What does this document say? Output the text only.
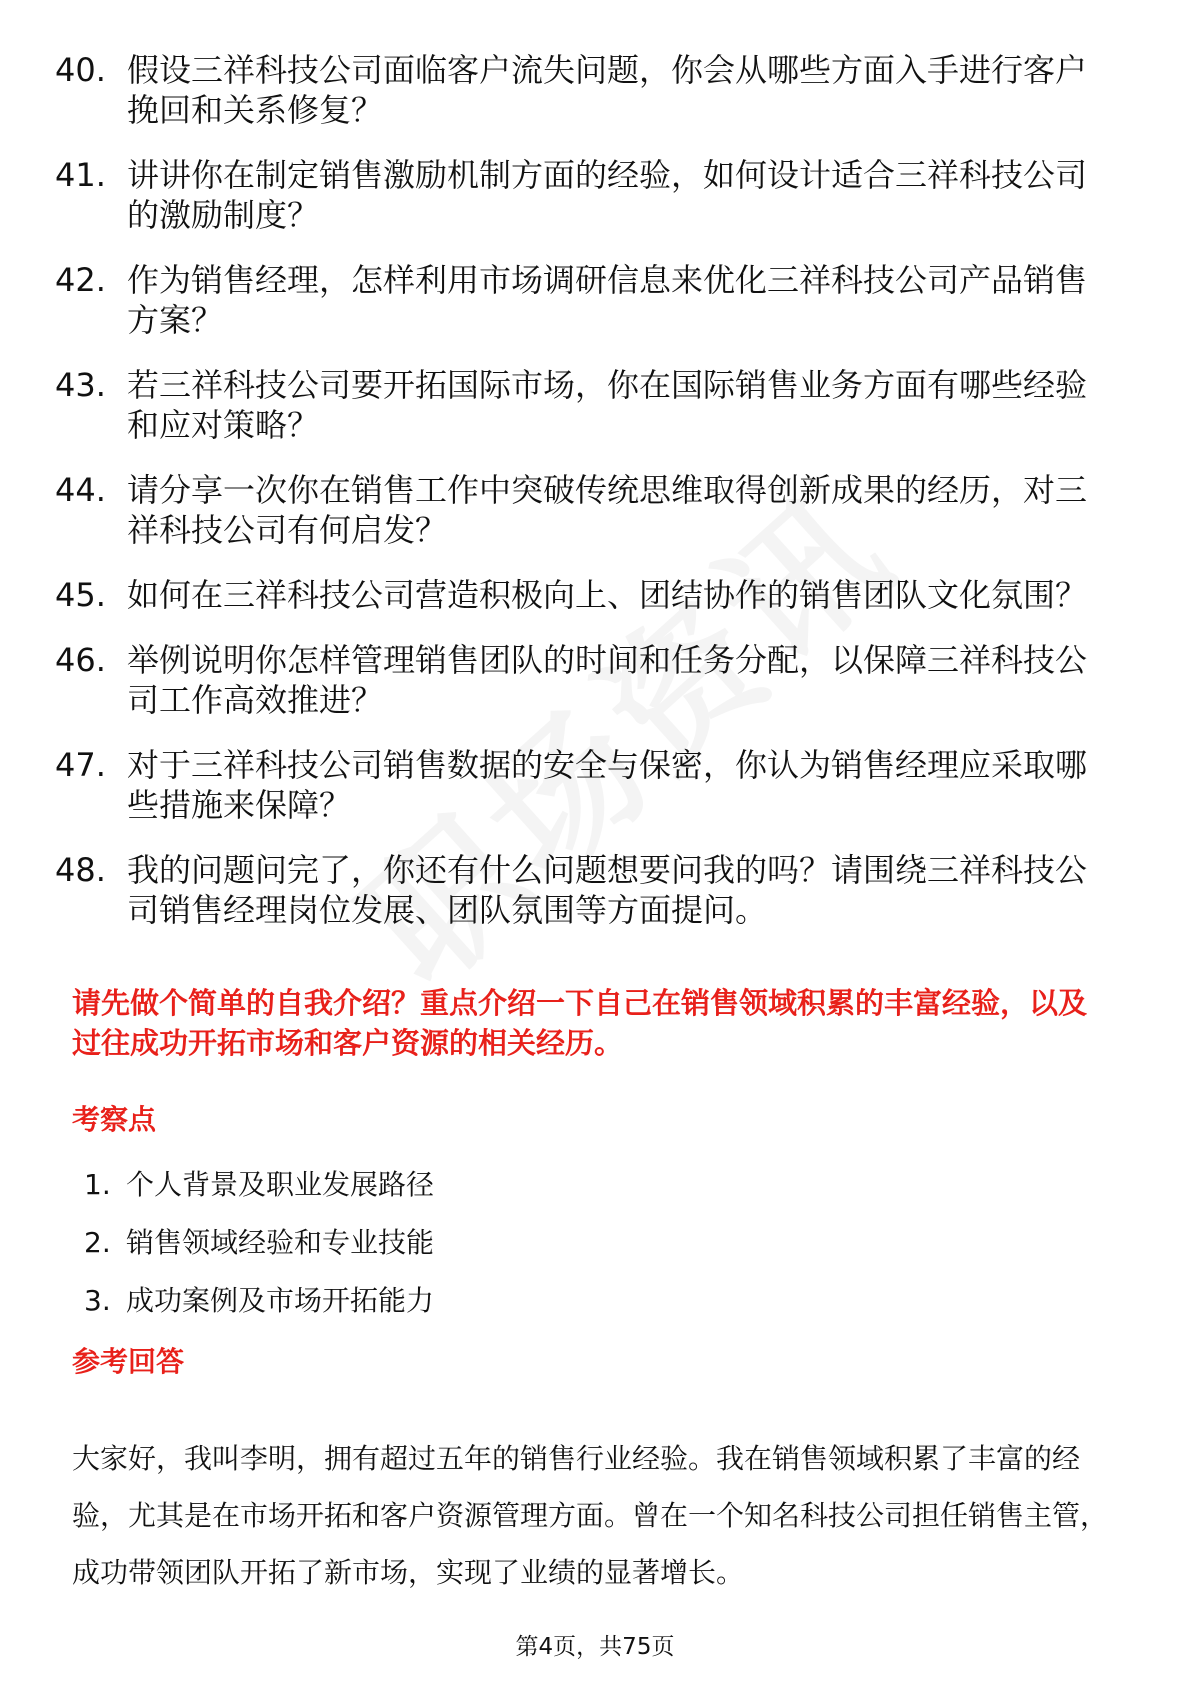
40. 假设三祥科技公司面临客户流失问题，你会从哪些方面入手进行客户挽回和关系修复？
41. 讲讲你在制定销售激励机制方面的经验，如何设计适合三祥科技公司的激励制度？
42. 作为销售经理，怎样利用市场调研信息来优化三祥科技公司产品销售方案？
43. 若三祥科技公司要开拓国际市场，你在国际销售业务方面有哪些经验和应对策略？
44. 请分享一次你在销售工作中突破传统思维取得创新成果的经历，对三祥科技公司有何启发？
45. 如何在三祥科技公司营造积极向上、团结协作的销售团队文化氛围？
46. 举例说明你怎样管理销售团队的时间和任务分配，以保障三祥科技公司工作高效推进？
47. 对于三祥科技公司销售数据的安全与保密，你认为销售经理应采取哪些措施来保障？
48. 我的问题问完了，你还有什么问题想要问我的吗？请围绕三祥科技公司销售经理岗位发展、团队氛围等方面提问。

请先做个简单的自我介绍？重点介绍一下自己在销售领域积累的丰富经验，以及过往成功开拓市场和客户资源的相关经历。

考察点
1. 个人背景及职业发展路径
2. 销售领域经验和专业技能
3. 成功案例及市场开拓能力
参考回答

大家好，我叫李明，拥有超过五年的销售行业经验。我在销售领域积累了丰富的经验，尤其是在市场开拓和客户资源管理方面。曾在一个知名科技公司担任销售主管，成功带领团队开拓了新市场，实现了业绩的显著增长。

第4页，共75页
